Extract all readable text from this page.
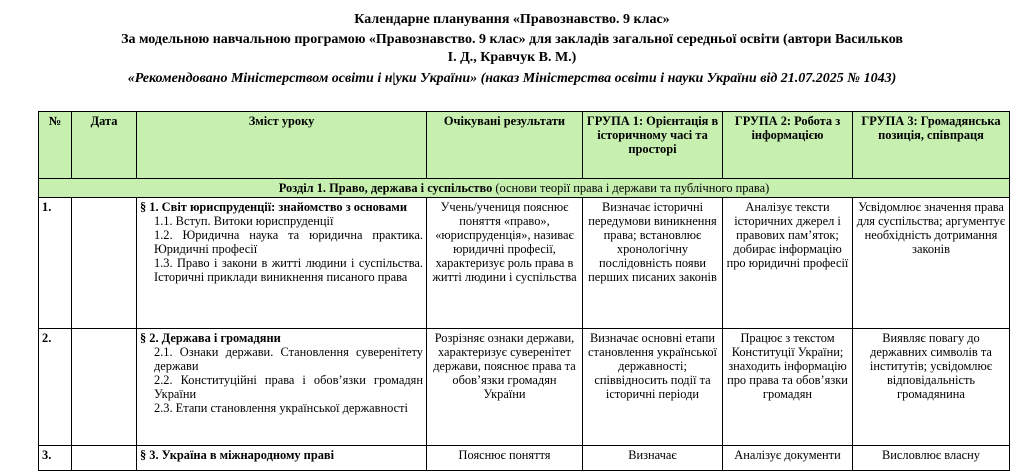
Календарне планування «Правознавство. 9 клас»
За модельною навчальною програмою «Правознавство. 9 клас» для закладів загальної середньої освіти (автори Васильков
І. Д., Кравчук В. М.)
«Рекомендовано Міністерством освіти і н|уки України» (наказ Міністерства освіти і науки України від 21.07.2025 № 1043)
№	Дата	Зміст уроку	Очікувані результати	ГРУПА 1: Орієнтація в історичному часі та просторі	ГРУПА 2: Робота з інформацією	ГРУПА 3: Громадянська позиція, співпраця
Розділ 1. Право, держава і суспільство (основи теорії права і держави та публічного права)						
1.		§ 1. Світ юриспруденції: знайомство з основами
1.1. Вступ. Витоки юриспруденції
1.2. Юридична наука та юридична практика. Юридичні професії
1.3. Право і закони в житті людини і суспільства. Історичні приклади виникнення писаного права	Учень/учениця пояснює поняття «право», «юриспруденція», називає юридичні професії, характеризує роль права в житті людини і суспільства	Визначає історичні передумови виникнення права; встановлює хронологічну послідовність появи перших писаних законів	Аналізує тексти історичних джерел і правових пам’яток; добирає інформацію про юридичні професії	Усвідомлює значення права для суспільства; аргументує необхідність дотримання законів
2.		§ 2. Держава і громадяни
2.1. Ознаки держави. Становлення суверенітету держави
2.2. Конституційні права і обов’язки громадян України
2.3. Етапи становлення української державності	Розрізняє ознаки держави, характеризує суверенітет держави, пояснює права та обов’язки громадян України	Визначає основні етапи становлення української державності; співвідносить події та історичні періоди	Працює з текстом Конституції України; знаходить інформацію про права та обов’язки громадян	Виявляє повагу до державних символів та інститутів; усвідомлює відповідальність громадянина
3.		§ 3. Україна в міжнародному праві	Пояснює поняття	Визначає	Аналізує документи	Висловлює власну
